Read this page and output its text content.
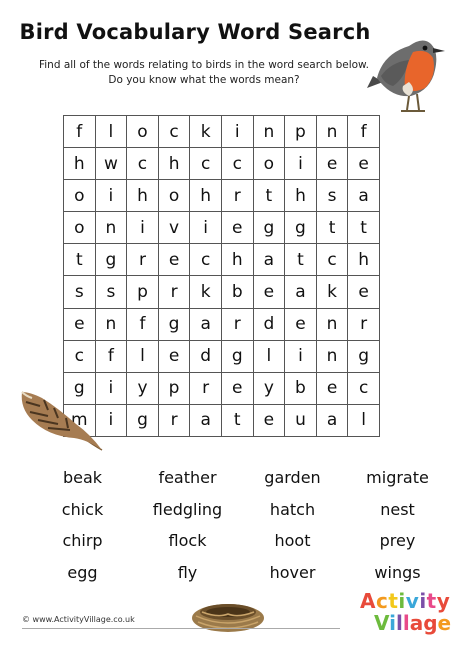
Bird Vocabulary Word Search
Find all of the words relating to birds in the word search below.
Do you know what the words mean?
f	l	o	c	k	i	n	p	n	f
h	w	c	h	c	c	o	i	e	e
o	i	h	o	h	r	t	h	s	a
o	n	i	v	i	e	g	g	t	t
t	g	r	e	c	h	a	t	c	h
s	s	p	r	k	b	e	a	k	e
e	n	f	g	a	r	d	e	n	r
c	f	l	e	d	g	l	i	n	g
g	i	y	p	r	e	y	b	e	c
m	i	g	r	a	t	e	u	a	l
beak	feather	garden	migrate
chick	fledgling	hatch	nest
chirp	flock	hoot	prey
egg	fly	hover	wings
© www.ActivityVillage.co.uk
Activity
Village
